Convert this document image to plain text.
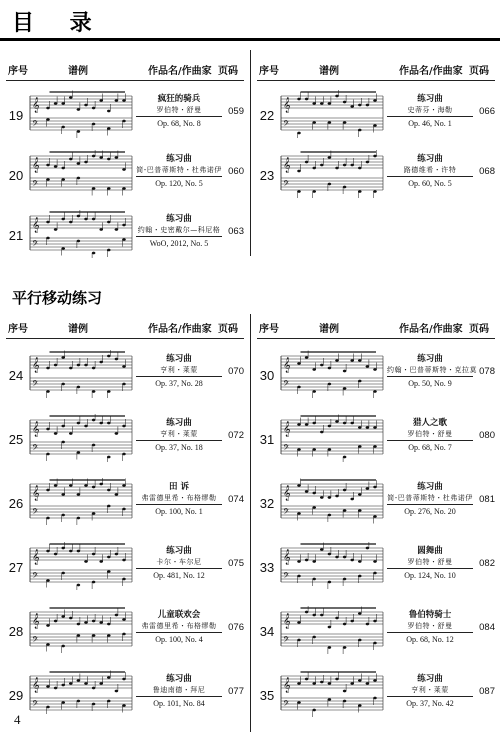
目 录
平行移动练习
序号	谱例	作品名/作曲家 页码
19
𝄞
𝄢
疯狂的骑兵
罗伯特・舒曼
Op. 68, No. 8
059
20
𝄞
𝄢
练习曲
简-巴普蒂斯特・杜弗诺伊
Op. 120, No. 5
060
21
𝄞
𝄢
练习曲
约翰・史密戴尔—科尼格
WoO, 2012, No. 5
063
序号	谱例	作品名/作曲家 页码
22
𝄞
𝄢
练习曲
史蒂芬・海勒
Op. 46, No. 1
066
23
𝄞
𝄢
练习曲
路德维希・许特
Op. 60, No. 5
068
序号	谱例	作品名/作曲家 页码
24
𝄞
𝄢
练习曲
亨利・莱蒙
Op. 37, No. 28
070
25
𝄞
𝄢
练习曲
亨利・莱蒙
Op. 37, No. 18
072
26
𝄞
𝄢
田 诉
弗雷德里希・布格缪勒
Op. 100, No. 1
074
27
𝄞
𝄢
练习曲
卡尔・车尔尼
Op. 481, No. 12
075
28
𝄞
𝄢
儿童联欢会
弗雷德里希・布格缪勒
Op. 100, No. 4
076
29
𝄞
𝄢
练习曲
鲁迪南德・拜尼
Op. 101, No. 84
077
序号	谱例	作品名/作曲家 页码
30
𝄞
𝄢
练习曲
约翰・巴普蒂斯特・克拉莫
Op. 50, No. 9
078
31
𝄞
𝄢
猎人之歌
罗伯特・舒曼
Op. 68, No. 7
080
32
𝄞
𝄢
练习曲
简-巴普蒂斯特・杜弗诺伊
Op. 276, No. 20
081
33
𝄞
𝄢
圆舞曲
罗伯特・舒曼
Op. 124, No. 10
082
34
𝄞
𝄢
鲁伯特骑士
罗伯特・舒曼
Op. 68, No. 12
084
35
𝄞
𝄢
练习曲
亨利・莱蒙
Op. 37, No. 42
087
4
